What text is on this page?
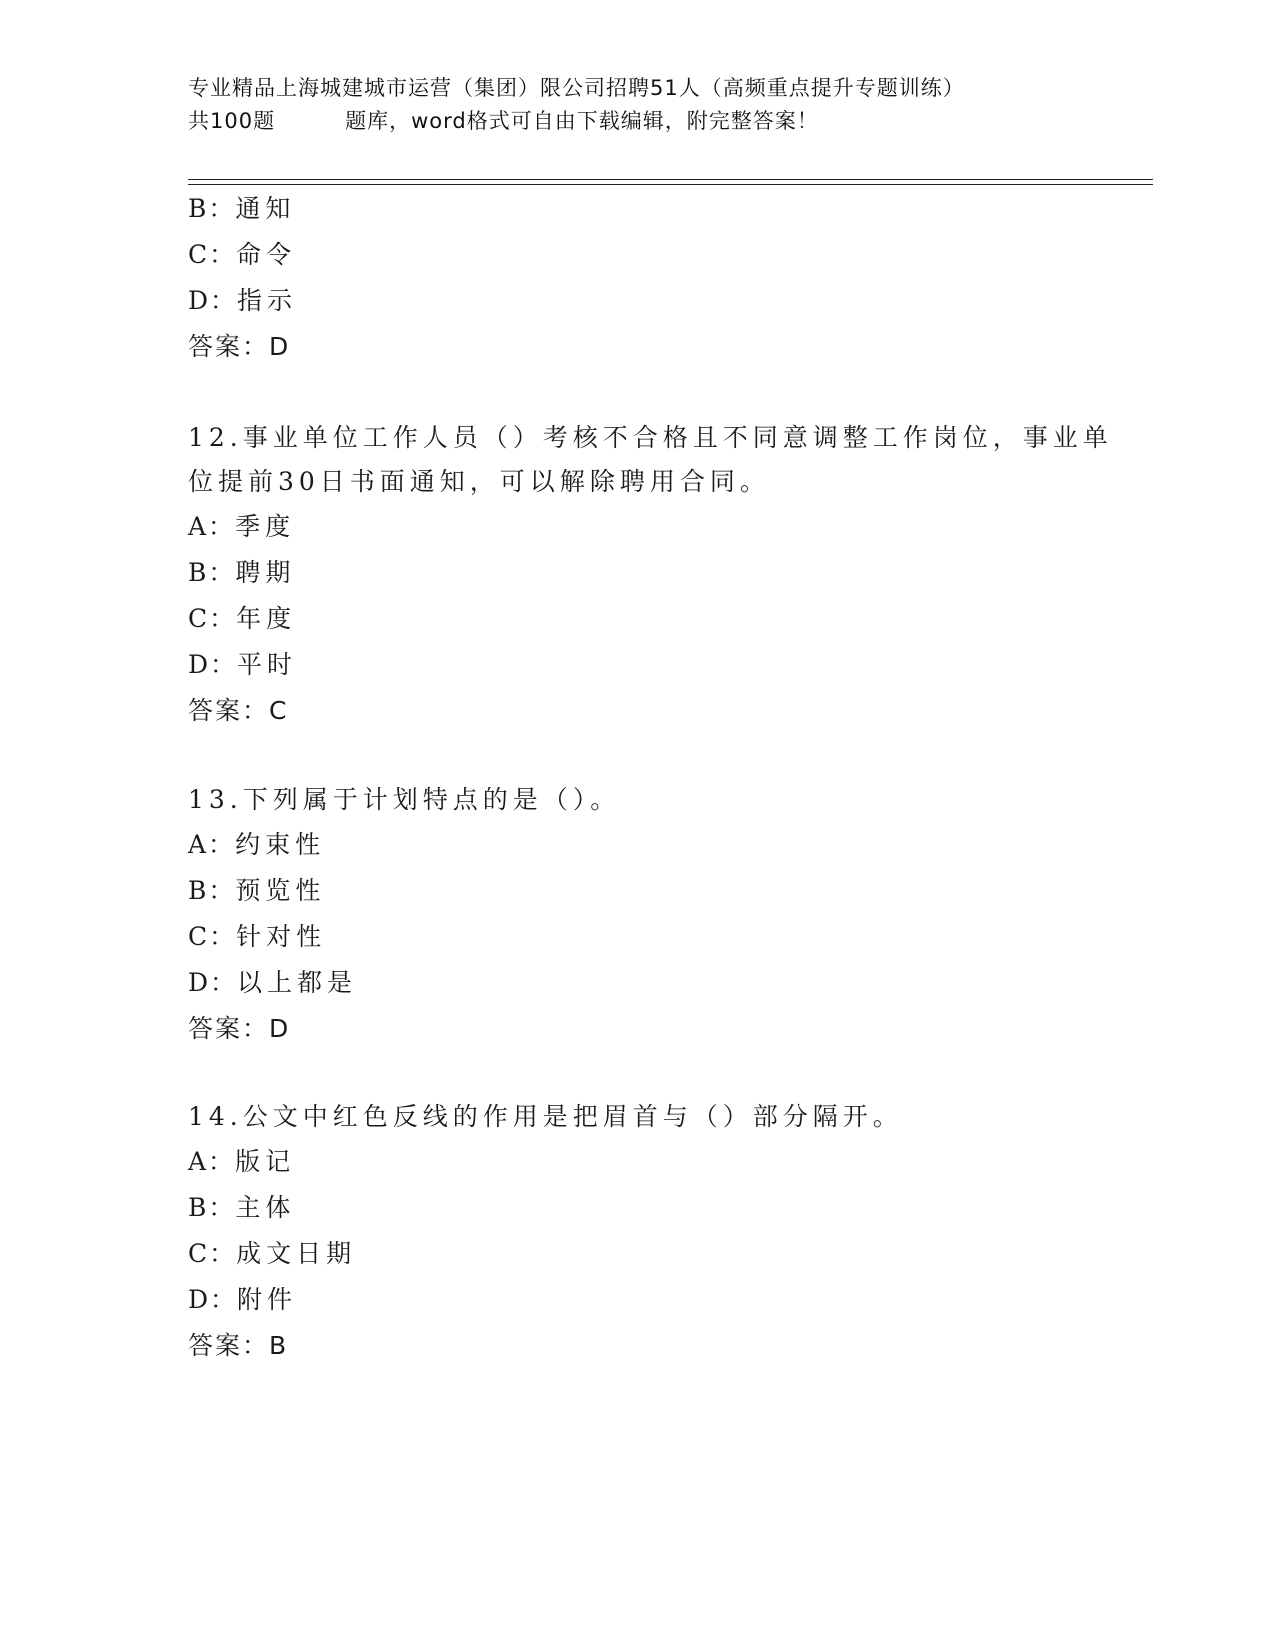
专业精品上海城建城市运营（集团）限公司招聘51人（高频重点提升专题训练）
共100题	题库，word格式可自由下载编辑，附完整答案！
B：通知
C：命令
D：指示
答案：D
12.事业单位工作人员（）考核不合格且不同意调整工作岗位，事业单
位提前30日书面通知，可以解除聘用合同。
A：季度
B：聘期
C：年度
D：平时
答案：C
13.下列属于计划特点的是（）。
A：约束性
B：预览性
C：针对性
D：以上都是
答案：D
14.公文中红色反线的作用是把眉首与（）部分隔开。
A：版记
B：主体
C：成文日期
D：附件
答案：B
